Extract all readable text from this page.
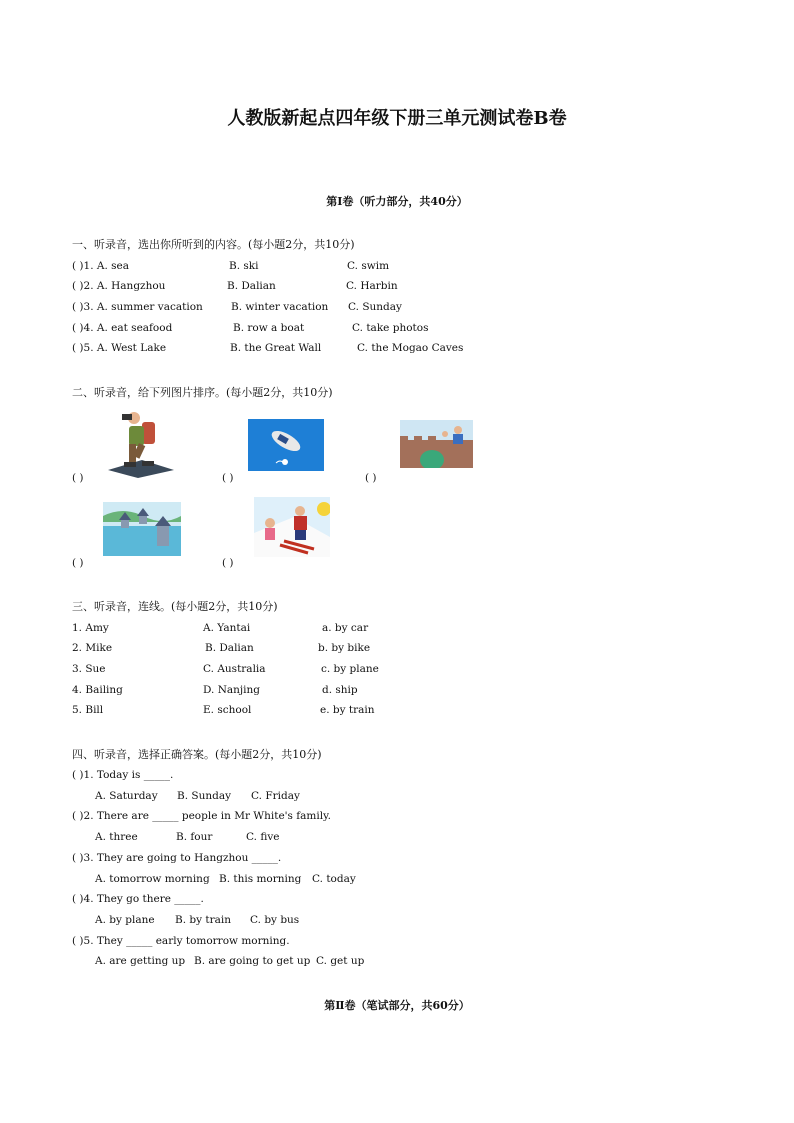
人教版新起点四年级下册三单元测试卷B卷
第Ⅰ卷（听力部分，共40分）
一、听录音，选出你所听到的内容。(每小题2分，共10分)
( )1. A. sea	B. ski	C. swim
( )2. A. Hangzhou	B. Dalian	C. Harbin
( )3. A. summer vacation	B. winter vacation C. Sunday
( )4. A. eat seafood	B. row a boat	C. take photos
( )5. A. West Lake	B. the Great Wall	C. the Mogao Caves
二、听录音，给下列图片排序。(每小题2分，共10分)
( )	( )	( )
( )	( )
三、听录音，连线。(每小题2分，共10分)
1. Amy	A. Yantai	a. by car
2. Mike	B. Dalian	b. by bike
3. Sue	C. Australia	c. by plane
4. Bailing	D. Nanjing	d. ship
5. Bill	E. school	e. by train
四、听录音，选择正确答案。(每小题2分，共10分)
( )1. Today is _____.
A. Saturday B. Sunday C. Friday
( )2. There are _____ people in Mr White's family.
A. three	B. four	C. five
( )3. They are going to Hangzhou _____.
A. tomorrow morning B. this morning C. today
( )4. They go there _____.
A. by plane B. by train C. by bus
( )5. They _____ early tomorrow morning.
A. are getting up B. are going to get up C. get up
第Ⅱ卷（笔试部分，共60分）
